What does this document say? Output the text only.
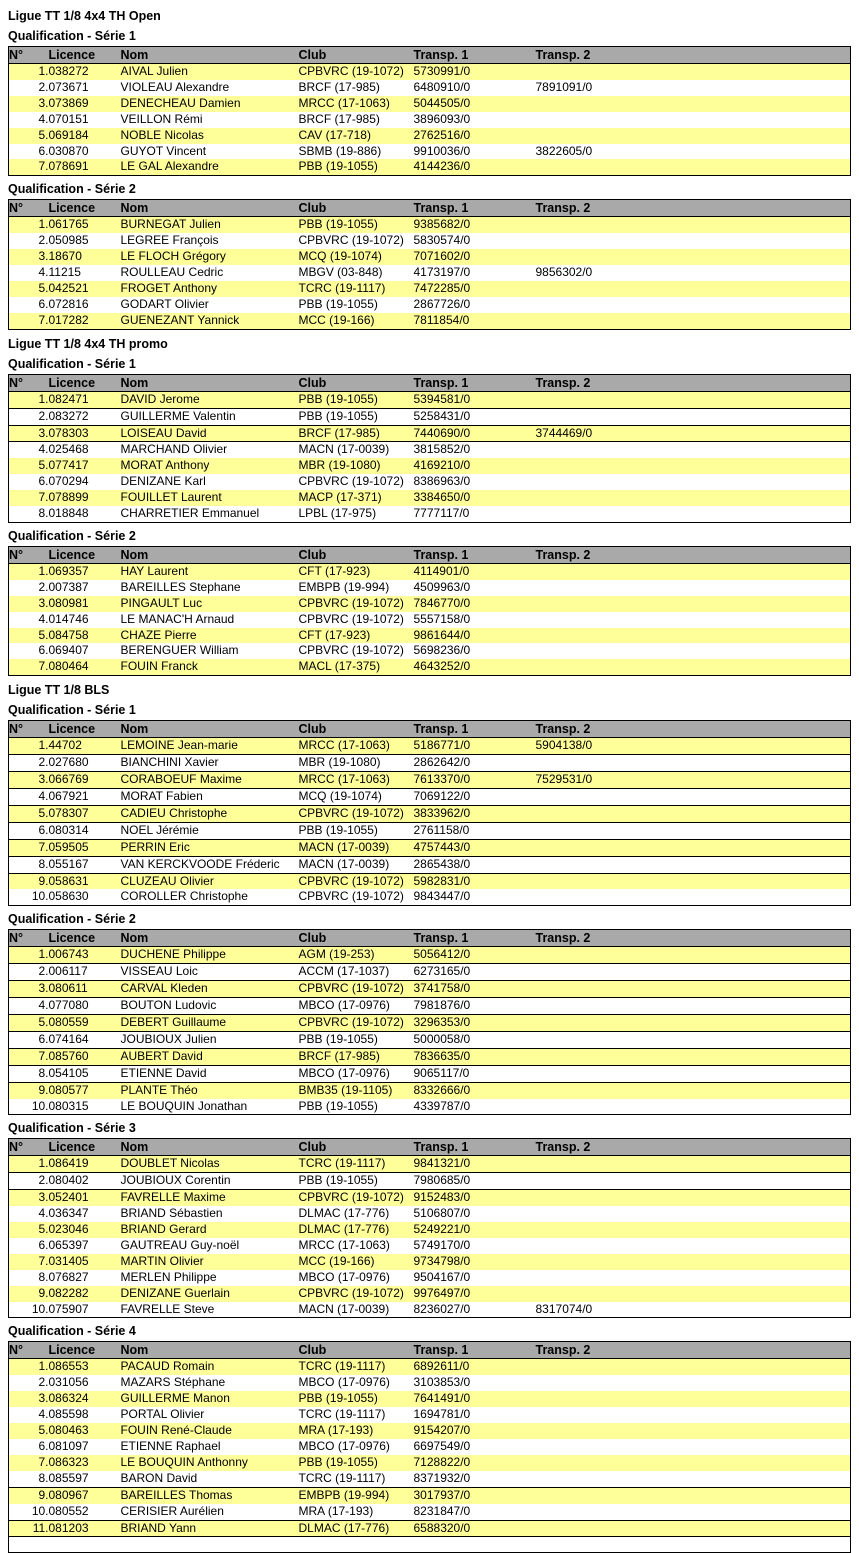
Ligue TT 1/8 4x4 TH Open
Qualification - Série 1
N°	Licence	Nom	Club	Transp. 1	Transp. 2
1.	038272	AIVAL Julien	CPBVRC (19-1072)	5730991/0	
2.	073671	VIOLEAU Alexandre	BRCF (17-985)	6480910/0	7891091/0
3.	073869	DENECHEAU Damien	MRCC (17-1063)	5044505/0	
4.	070151	VEILLON Rémi	BRCF (17-985)	3896093/0	
5.	069184	NOBLE Nicolas	CAV (17-718)	2762516/0	
6.	030870	GUYOT Vincent	SBMB (19-886)	9910036/0	3822605/0
7.	078691	LE GAL Alexandre	PBB (19-1055)	4144236/0	
Qualification - Série 2
N°	Licence	Nom	Club	Transp. 1	Transp. 2
1.	061765	BURNEGAT Julien	PBB (19-1055)	9385682/0	
2.	050985	LEGREE François	CPBVRC (19-1072)	5830574/0	
3.	18670	LE FLOCH Grégory	MCQ (19-1074)	7071602/0	
4.	11215	ROULLEAU Cedric	MBGV (03-848)	4173197/0	9856302/0
5.	042521	FROGET Anthony	TCRC (19-1117)	7472285/0	
6.	072816	GODART Olivier	PBB (19-1055)	2867726/0	
7.	017282	GUENEZANT Yannick	MCC (19-166)	7811854/0	
Ligue TT 1/8 4x4 TH promo
Qualification - Série 1
N°	Licence	Nom	Club	Transp. 1	Transp. 2
1.	082471	DAVID Jerome	PBB (19-1055)	5394581/0	
2.	083272	GUILLERME Valentin	PBB (19-1055)	5258431/0	
3.	078303	LOISEAU David	BRCF (17-985)	7440690/0	3744469/0
4.	025468	MARCHAND Olivier	MACN (17-0039)	3815852/0	
5.	077417	MORAT Anthony	MBR (19-1080)	4169210/0	
6.	070294	DENIZANE Karl	CPBVRC (19-1072)	8386963/0	
7.	078899	FOUILLET Laurent	MACP (17-371)	3384650/0	
8.	018848	CHARRETIER Emmanuel	LPBL (17-975)	7777117/0	
Qualification - Série 2
N°	Licence	Nom	Club	Transp. 1	Transp. 2
1.	069357	HAY Laurent	CFT (17-923)	4114901/0	
2.	007387	BAREILLES Stephane	EMBPB (19-994)	4509963/0	
3.	080981	PINGAULT Luc	CPBVRC (19-1072)	7846770/0	
4.	014746	LE MANAC'H Arnaud	CPBVRC (19-1072)	5557158/0	
5.	084758	CHAZE Pierre	CFT (17-923)	9861644/0	
6.	069407	BERENGUER William	CPBVRC (19-1072)	5698236/0	
7.	080464	FOUIN Franck	MACL (17-375)	4643252/0	
Ligue TT 1/8 BLS
Qualification - Série 1
N°	Licence	Nom	Club	Transp. 1	Transp. 2
1.	44702	LEMOINE Jean-marie	MRCC (17-1063)	5186771/0	5904138/0
2.	027680	BIANCHINI Xavier	MBR (19-1080)	2862642/0	
3.	066769	CORABOEUF Maxime	MRCC (17-1063)	7613370/0	7529531/0
4.	067921	MORAT Fabien	MCQ (19-1074)	7069122/0	
5.	078307	CADIEU Christophe	CPBVRC (19-1072)	3833962/0	
6.	080314	NOEL Jérémie	PBB (19-1055)	2761158/0	
7.	059505	PERRIN Eric	MACN (17-0039)	4757443/0	
8.	055167	VAN KERCKVOODE Fréderic	MACN (17-0039)	2865438/0	
9.	058631	CLUZEAU Olivier	CPBVRC (19-1072)	5982831/0	
10.	058630	COROLLER Christophe	CPBVRC (19-1072)	9843447/0	
Qualification - Série 2
N°	Licence	Nom	Club	Transp. 1	Transp. 2
1.	006743	DUCHENE Philippe	AGM (19-253)	5056412/0	
2.	006117	VISSEAU Loic	ACCM (17-1037)	6273165/0	
3.	080611	CARVAL Kleden	CPBVRC (19-1072)	3741758/0	
4.	077080	BOUTON Ludovic	MBCO (17-0976)	7981876/0	
5.	080559	DEBERT Guillaume	CPBVRC (19-1072)	3296353/0	
6.	074164	JOUBIOUX Julien	PBB (19-1055)	5000058/0	
7.	085760	AUBERT David	BRCF (17-985)	7836635/0	
8.	054105	ETIENNE David	MBCO (17-0976)	9065117/0	
9.	080577	PLANTE Théo	BMB35 (19-1105)	8332666/0	
10.	080315	LE BOUQUIN Jonathan	PBB (19-1055)	4339787/0	
Qualification - Série 3
N°	Licence	Nom	Club	Transp. 1	Transp. 2
1.	086419	DOUBLET Nicolas	TCRC (19-1117)	9841321/0	
2.	080402	JOUBIOUX Corentin	PBB (19-1055)	7980685/0	
3.	052401	FAVRELLE Maxime	CPBVRC (19-1072)	9152483/0	
4.	036347	BRIAND Sébastien	DLMAC (17-776)	5106807/0	
5.	023046	BRIAND Gerard	DLMAC (17-776)	5249221/0	
6.	065397	GAUTREAU Guy-noël	MRCC (17-1063)	5749170/0	
7.	031405	MARTIN Olivier	MCC (19-166)	9734798/0	
8.	076827	MERLEN Philippe	MBCO (17-0976)	9504167/0	
9.	082282	DENIZANE Guerlain	CPBVRC (19-1072)	9976497/0	
10.	075907	FAVRELLE Steve	MACN (17-0039)	8236027/0	8317074/0
Qualification - Série 4
N°	Licence	Nom	Club	Transp. 1	Transp. 2
1.	086553	PACAUD Romain	TCRC (19-1117)	6892611/0	
2.	031056	MAZARS Stéphane	MBCO (17-0976)	3103853/0	
3.	086324	GUILLERME Manon	PBB (19-1055)	7641491/0	
4.	085598	PORTAL Olivier	TCRC (19-1117)	1694781/0	
5.	080463	FOUIN René-Claude	MRA (17-193)	9154207/0	
6.	081097	ETIENNE Raphael	MBCO (17-0976)	6697549/0	
7.	086323	LE BOUQUIN Anthonny	PBB (19-1055)	7128822/0	
8.	085597	BARON David	TCRC (19-1117)	8371932/0	
9.	080967	BAREILLES Thomas	EMBPB (19-994)	3017937/0	
10.	080552	CERISIER Aurélien	MRA (17-193)	8231847/0	
11.	081203	BRIAND Yann	DLMAC (17-776)	6588320/0	
